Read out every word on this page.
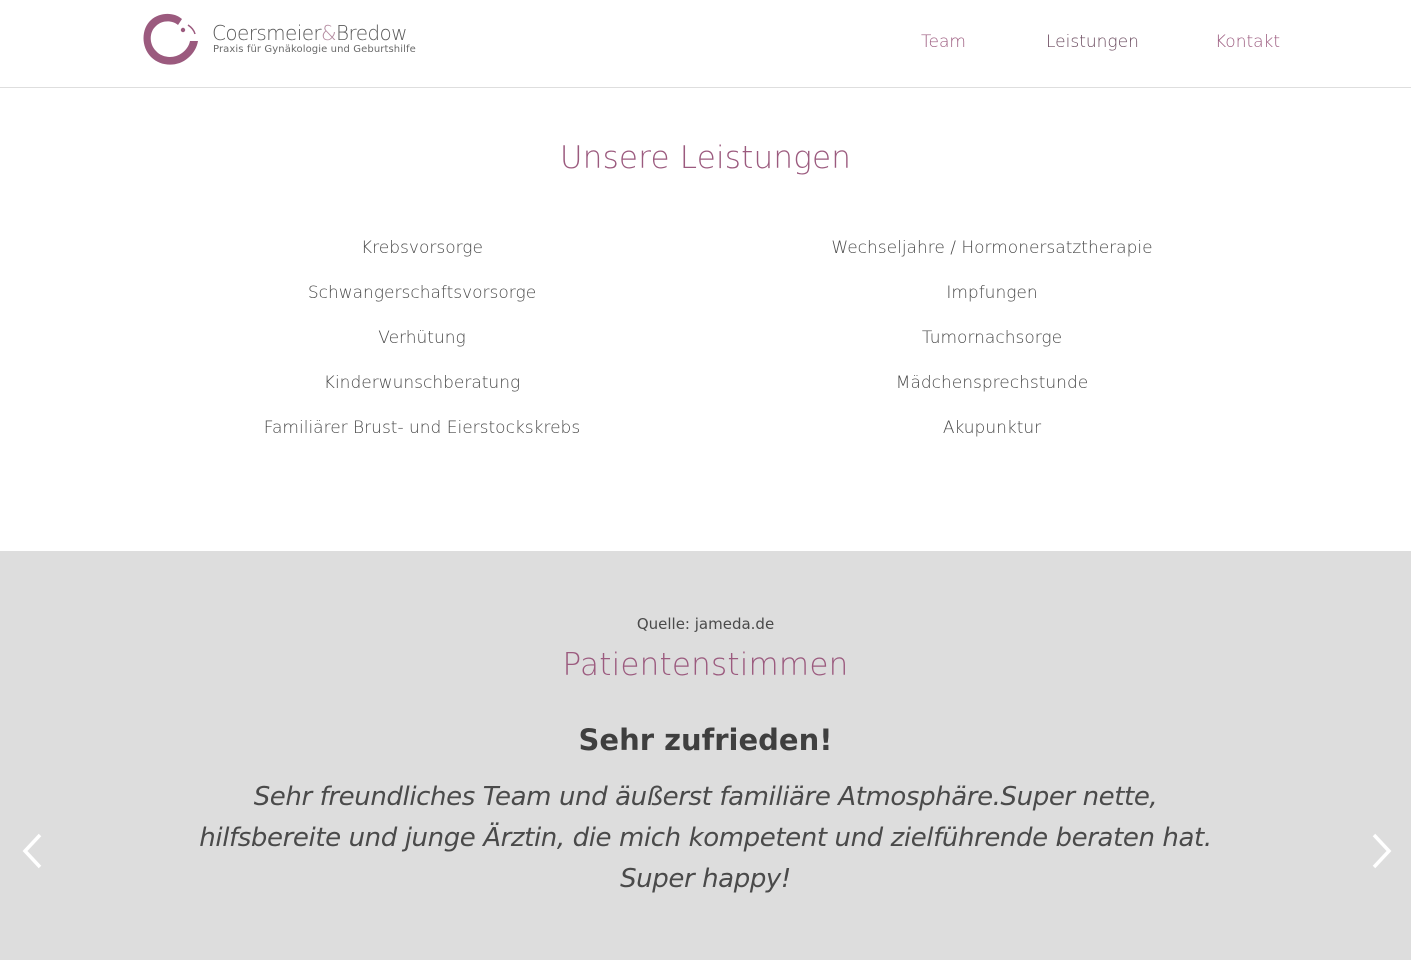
Coersmeier&Bredow
Praxis für Gynäkologie und Geburtshilfe	Team	Leistungen	Kontakt
Unsere Leistungen
Krebsvorsorge
Schwangerschaftsvorsorge
Verhütung
Kinderwunschberatung
Familiärer Brust- und Eierstockskrebs
Wechseljahre / Hormonersatztherapie
Impfungen
Tumornachsorge
Mädchensprechstunde
Akupunktur
Quelle: jameda.de
Patientenstimmen
Sehr zufrieden!

Sehr freundliches Team und äußerst familiäre Atmosphäre.Super nette, hilfsbereite und junge Ärztin, die mich kompetent und zielführende beraten hat. Super happy!
